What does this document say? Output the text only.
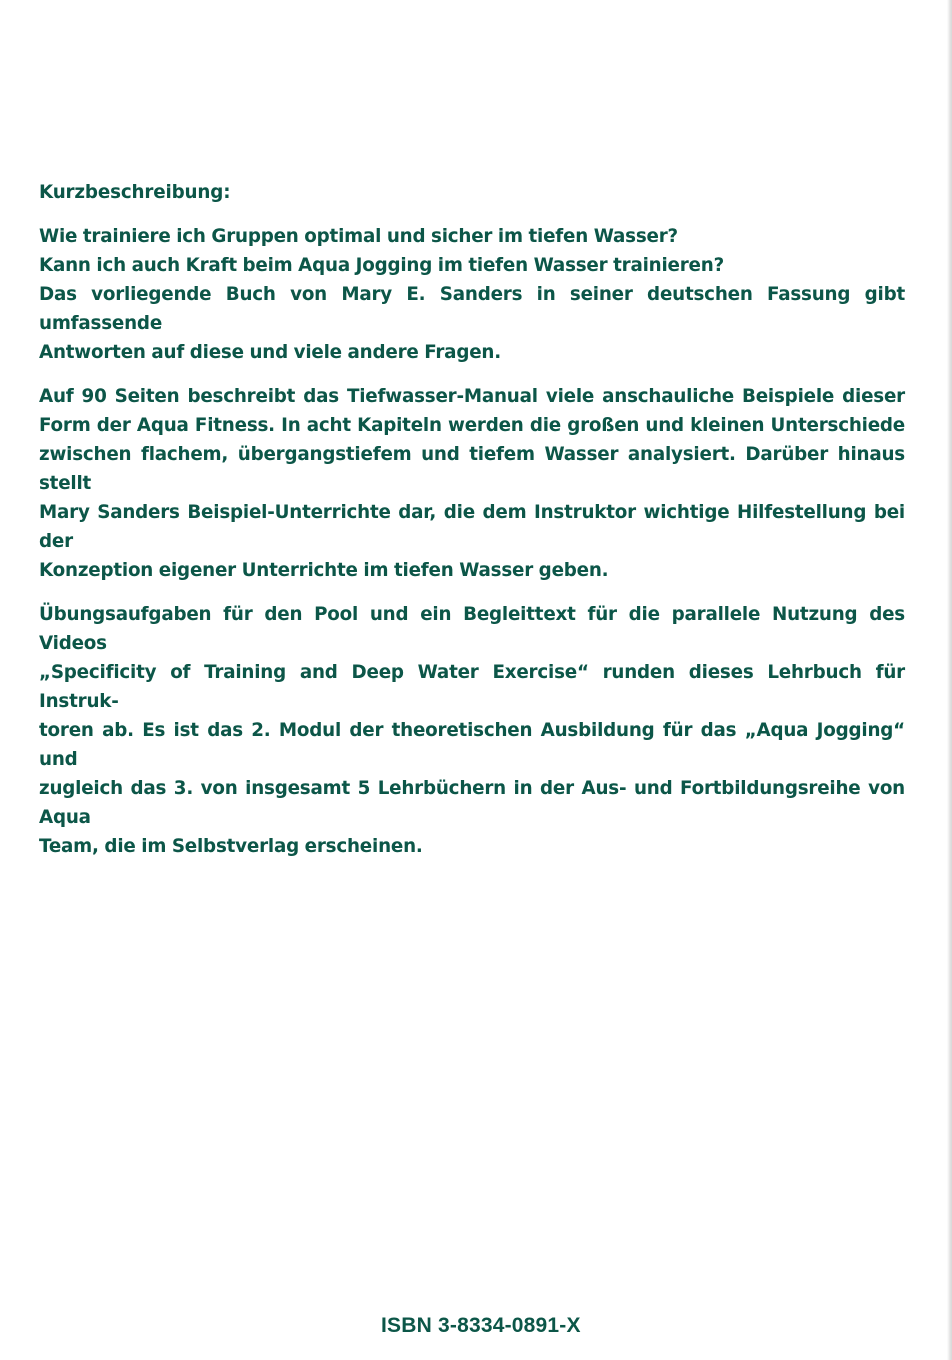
Kurzbeschreibung:
Wie trainiere ich Gruppen optimal und sicher im tiefen Wasser?
Kann ich auch Kraft beim Aqua Jogging im tiefen Wasser trainieren?
Das vorliegende Buch von Mary E. Sanders in seiner deutschen Fassung gibt umfassende
Antworten auf diese und viele andere Fragen.
Auf 90 Seiten beschreibt das Tiefwasser-Manual viele anschauliche Beispiele dieser
Form der Aqua Fitness. In acht Kapiteln werden die großen und kleinen Unterschiede
zwischen flachem, übergangstiefem und tiefem Wasser analysiert. Darüber hinaus stellt
Mary Sanders Beispiel-Unterrichte dar, die dem Instruktor wichtige Hilfestellung bei der
Konzeption eigener Unterrichte im tiefen Wasser geben.
Übungsaufgaben für den Pool und ein Begleittext für die parallele Nutzung des Videos
„Specificity of Training and Deep Water Exercise“ runden dieses Lehrbuch für Instruk-
toren ab. Es ist das 2. Modul der theoretischen Ausbildung für das „Aqua Jogging“ und
zugleich das 3. von insgesamt 5 Lehrbüchern in der Aus- und Fortbildungsreihe von Aqua
Team, die im Selbstverlag erscheinen.
ISBN 3-8334-0891-X
